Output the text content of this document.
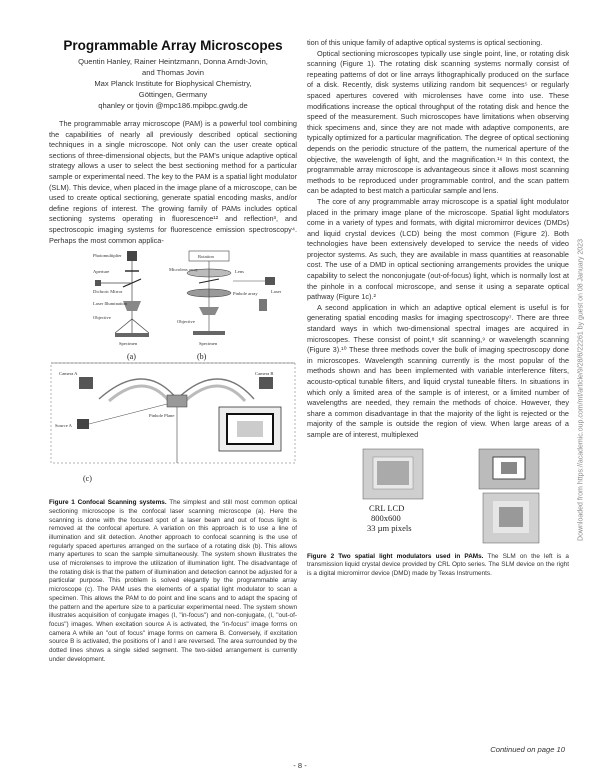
Programmable Array Microscopes
Quentin Hanley, Rainer Heintzmann, Donna Arndt-Jovin,
and Thomas Jovin
Max Planck Institute for Biophysical Chemistry,
Göttingen, Germany
qhanley or tjovin @mpc186.mpibpc.gwdg.de

The programmable array microscope (PAM) is a powerful tool combining the capabilities of nearly all previously described optical sectioning techniques in a single microscope. Not only can the user create optical sections of three-dimensional objects, but the PAM's unique adaptive optical strategy allows a user to select the best sectioning method for a particular sample or experimental need. The key to the PAM is a spatial light modulator (SLM). This device, when placed in the image plane of a microscope, can be used to create optical sectioning, generate spatial encoding masks, and/or define regions of interest. The growing family of PAMs includes optical sectioning systems operating in fluorescence¹² and reflection³, and spectroscopic imaging systems for fluorescence emission spectroscopy⁴. Perhaps the most common applica-

Photomultiplier
Aperture
Dichroic Mirror
Laser Illumination
Objective
Specimen
(a)
Rotation
Microlens array	Lens
Pinhole array	Laser
Objective
Specimen
(b)
Camera A	Camera B
Source A
Pinhole Plane
(c)
Figure 1 Confocal Scanning systems. The simplest and still most common optical sectioning microscope is the confocal laser scanning microscope (a). Here the scanning is done with the focused spot of a laser beam and out of focus light is removed at the confocal aperture. A variation on this approach is to use a line of illumination and slit detection. Another approach to confocal scanning is the use of regularly spaced apertures arranged on the surface of a rotating disk (b). This allows many apertures to scan the sample simultaneously. The system shown illustrates the use of microlenses to improve the utilization of illumination light. The disadvantage of the rotating disk is that the pattern of illumination and detection cannot be adjusted for a particular purpose. This problem is solved elegantly by the programmable array microscope (c). The PAM uses the elements of a spatial light modulator to scan a specimen. This allows the PAM to do point and line scans and to adapt the spacing of the pattern and the aperture size to a particular experimental need. The system shown illustrates acquisition of conjugate images (I, "in-focus") and non-conjugate, (I, "out-of-focus") images. When excitation source A is activated, the "in-focus" image forms on camera A while an "out of focus" image forms on camera B. Conversely, if excitation source B is activated, the positions of I and I are reversed. The area surrounded by the dotted lines shows a single sided segment. The two-sided arrangement is currently under development.

tion of this unique family of adaptive optical systems is optical sectioning.

Optical sectioning microscopes typically use single point, line, or rotating disk scanning (Figure 1). The rotating disk scanning systems normally consist of repeating patterns of dot or line arrays lithographically produced on the surface of a disk. Recently, disk systems utilizing random bit sequences⁵ or regularly spaced apertures covered with microlenses have come into use. These modifications increase the optical throughput of the rotating disk and hence the speed of the measurement. Such microscopes have limitations when observing thick specimens and, since they are not made with adaptive components, are typically optimized for a particular magnification. The degree of optical sectioning depends on the periodic structure of the pattern, the numerical aperture of the objective, the wavelength of light, and the magnification.¹⁶ In this context, the programmable array microscope is advantageous since it allows most scanning methods to be reproduced under programmable control, and the scan pattern can be adapted to best match a particular sample and lens.

The core of any programmable array microscope is a spatial light modulator placed in the primary image plane of the microscope. Spatial light modulators come in a variety of types and formats, with digital micromirror devices (DMDs) and liquid crystal devices (LCD) being the most common (Figure 2). Both technologies have been extensively developed to service the needs of video projector systems. As such, they are available in mass quantities at reasonable cost. The use of a DMD in optical sectioning arrangements provides the unique capability to select the nonconjugate (out-of-focus) light, which is normally lost at the pinhole in a confocal microscope, and sense it using a separate optical pathway (Figure 1c).²

A second application in which an adaptive optical element is useful is for generating spatial encoding masks for imaging spectroscopy⁷. There are three standard ways in which two-dimensional spectral images are acquired in microscopes. These consist of point,⁸ slit scanning,⁹ or wavelength scanning (Figure 3).¹⁰ These three methods cover the bulk of imaging spectroscopy done in microscopes. Wavelength scanning currently is the most popular of the methods shown and has been implemented with variable interference filters, acousto-optical tunable filters, and liquid crystal tuneable filters. In situations in which only a limited area of the sample is of interest, or a limited number of wavelengths are needed, they remain the methods of choice. However, they share a common disadvantage in that the majority of the light is rejected or the majority of the sample is outside the region of view. When large areas of a sample are of interest, multiplexed

CRL LCD
800x600
33 µm pixels
Figure 2 Two spatial light modulators used in PAMs. The SLM on the left is a transmission liquid crystal device provided by CRL Opto series. The SLM device on the right is a digital micromirror device (DMD) made by Texas Instruments.
Continued on page 10
- 8 -
Downloaded from https://academic.oup.com/mt/article/9/28/6/22261 by guest on 08 January 2023
